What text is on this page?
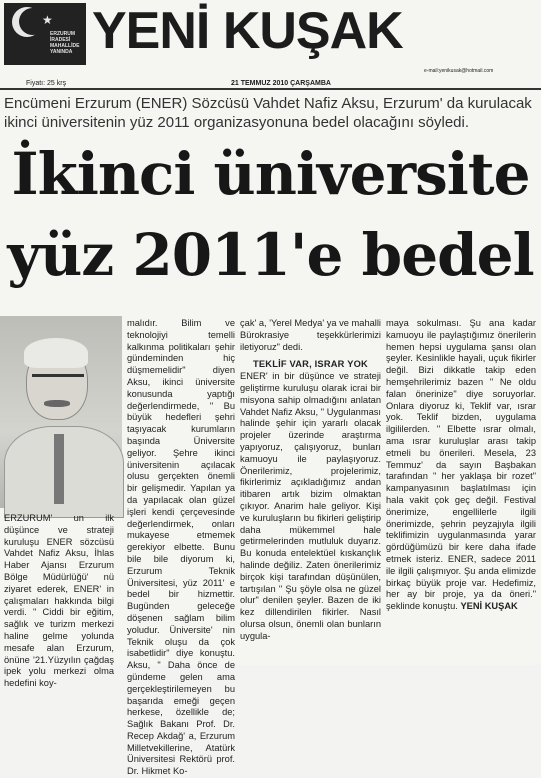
★
ERZURUM İRADESİ MAHALLİDE YANINDA YENİ KUŞAK
e-mail:yenikusak@hotmail.com
Fiyatı: 25 krş	21 TEMMUZ 2010 ÇARŞAMBA
Encümeni Erzurum (ENER) Sözcüsü Vahdet Nafiz Aksu, Erzurum' da kurulacak ikinci üniversitenin yüz 2011 organizasyonuna bedel olacağını söyledi.
İkinci üniversite
yüz 2011'e bedel

ERZURUM' un ilk düşünce ve strateji kuruluşu ENER sözcüsü Vahdet Nafiz Aksu, İhlas Haber Ajansı Erzurum Bölge Müdürlüğü' nü ziyaret ederek, ENER' in çalışmaları hakkında bilgi verdi. " Ciddi bir eğitim, sağlık ve turizm merkezi haline gelme yolunda mesafe alan Erzurum, önüne '21.Yüzyılın çağdaş ipek yolu merkezi olma hedefini koy-

malıdır. Bilim ve teknolojiyi temelli kalkınma politikaları şehir gündeminden hiç düşmemelidir" diyen Aksu, ikinci üniversite konusunda yaptığı değerlendirmede, " Bu büyük hedefleri şehri taşıyacak kurumların başında Üniversite geliyor. Şehre ikinci üniversitenin açılacak olusu gerçekten önemli bir gelişmedir. Yapılan ya da yapılacak olan güzel işleri kendi çerçevesinde değerlendirmek, onları mukayese etmemek gerekiyor elbette. Bunu bile bile diyorum ki, Erzurum Teknik Üniversitesi, yüz 2011' e bedel bir hizmettir. Bugünden geleceğe döşenen sağlam bilim yoludur. Üniversite' nin Teknik oluşu da çok isabetlidir" diye konuştu. Aksu, " Daha önce de gündeme gelen ama gerçekleştirilemeyen bu başarıda emeği geçen herkese, özellikle de; Sağlık Bakanı Prof. Dr. Recep Akdağ' a, Erzurum Milletvekillerine, Atatürk Üniversitesi Rektörü prof. Dr. Hikmet Ko-

çak' a, 'Yerel Medya' ya ve mahalli Bürokrasiye teşekkürlerimizi iletiyoruz" dedi.

TEKLİF VAR, ISRAR YOK

ENER' in bir düşünce ve strateji geliştirme kuruluşu olarak icrai bir misyona sahip olmadığını anlatan Vahdet Nafiz Aksu, " Uygulanması halinde şehir için yararlı olacak projeler üzerinde araştırma yapıyoruz, çalışıyoruz, bunları kamuoyu ile paylaşıyoruz. Önerilerimiz, projelerimiz, fikirlerimiz açıkladığımız andan itibaren artık bizim olmaktan çıkıyor. Anarim hale geliyor. Kişi ve kuruluşların bu fikirleri geliştirip daha mükemmel hale getirmelerinden mutluluk duyarız. Bu konuda entelektüel kıskançlık halinde değiliz. Zaten önerilerimiz birçok kişi tarafından düşünülen, tartışılan " Şu şöyle olsa ne güzel olur" denilen şeyler. Bazen de iki kez dillendirilen fikirler. Nasıl olursa olsun, önemli olan bunların uygula-

maya sokulması. Şu ana kadar kamuoyu ile paylaştığımız önerilerin hemen hepsi uygulama şansı olan şeyler. Kesinlikle hayali, uçuk fikirler değil. Bizi dikkatle takip eden hemşehrilerimiz bazen " Ne oldu falan önerinize" diye soruyorlar. Onlara diyoruz ki, Teklif var, ısrar yok. Teklif bizden, uygulama ilgililerden. " Elbette ısrar olmalı, ama ısrar kuruluşlar arası takip etmeli bu önerileri. Mesela, 23 Temmuz' da sayın Başbakan tarafından " her yaklaşa bir rozet" kampanyasının başlatılması için hala vakit çok geç değil. Festival önerimize, engellilerle ilgili önerimizde, şehrin peyzajıyla ilgili teklifimizin uygulanmasında yarar gördüğümüzü bir kere daha ifade etmek isteriz. ENER, sadece 2011 ile ilgili çalışmıyor. Şu anda elimizde birkaç büyük proje var. Hedefimiz, her ay bir proje, ya da öneri." şeklinde konuştu. YENİ KUŞAK
